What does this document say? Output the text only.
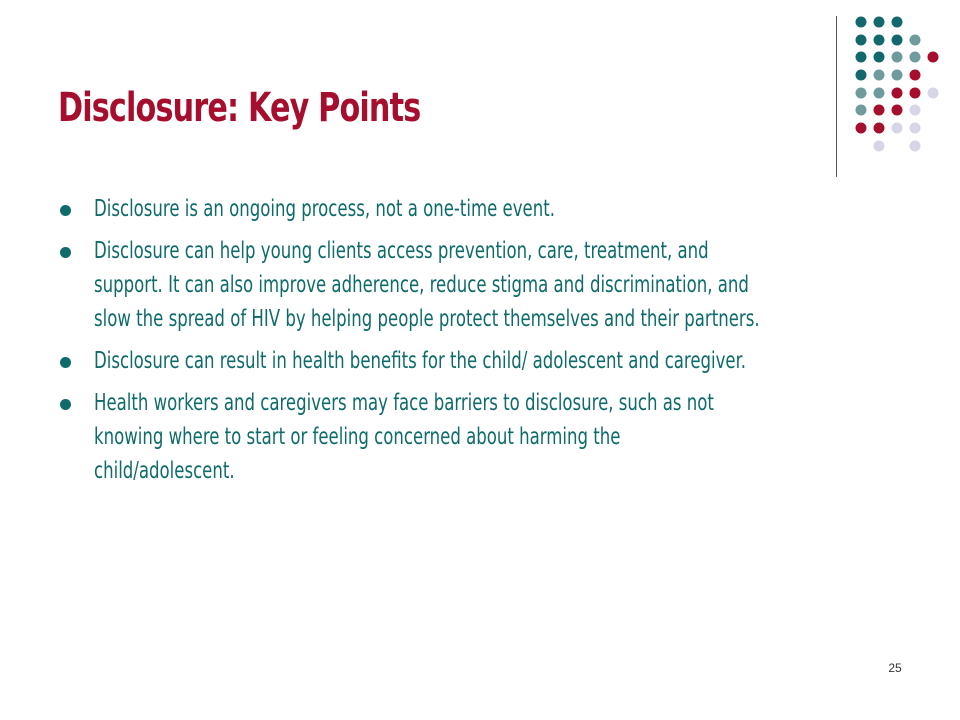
Disclosure: Key Points
Disclosure is an ongoing process, not a one-time event.
Disclosure can help young clients access prevention, care, treatment, and
support. It can also improve adherence, reduce stigma and discrimination, and
slow the spread of HIV by helping people protect themselves and their partners.
Disclosure can result in health benefits for the child/ adolescent and caregiver.
Health workers and caregivers may face barriers to disclosure, such as not
knowing where to start or feeling concerned about harming the
child/adolescent.
25
